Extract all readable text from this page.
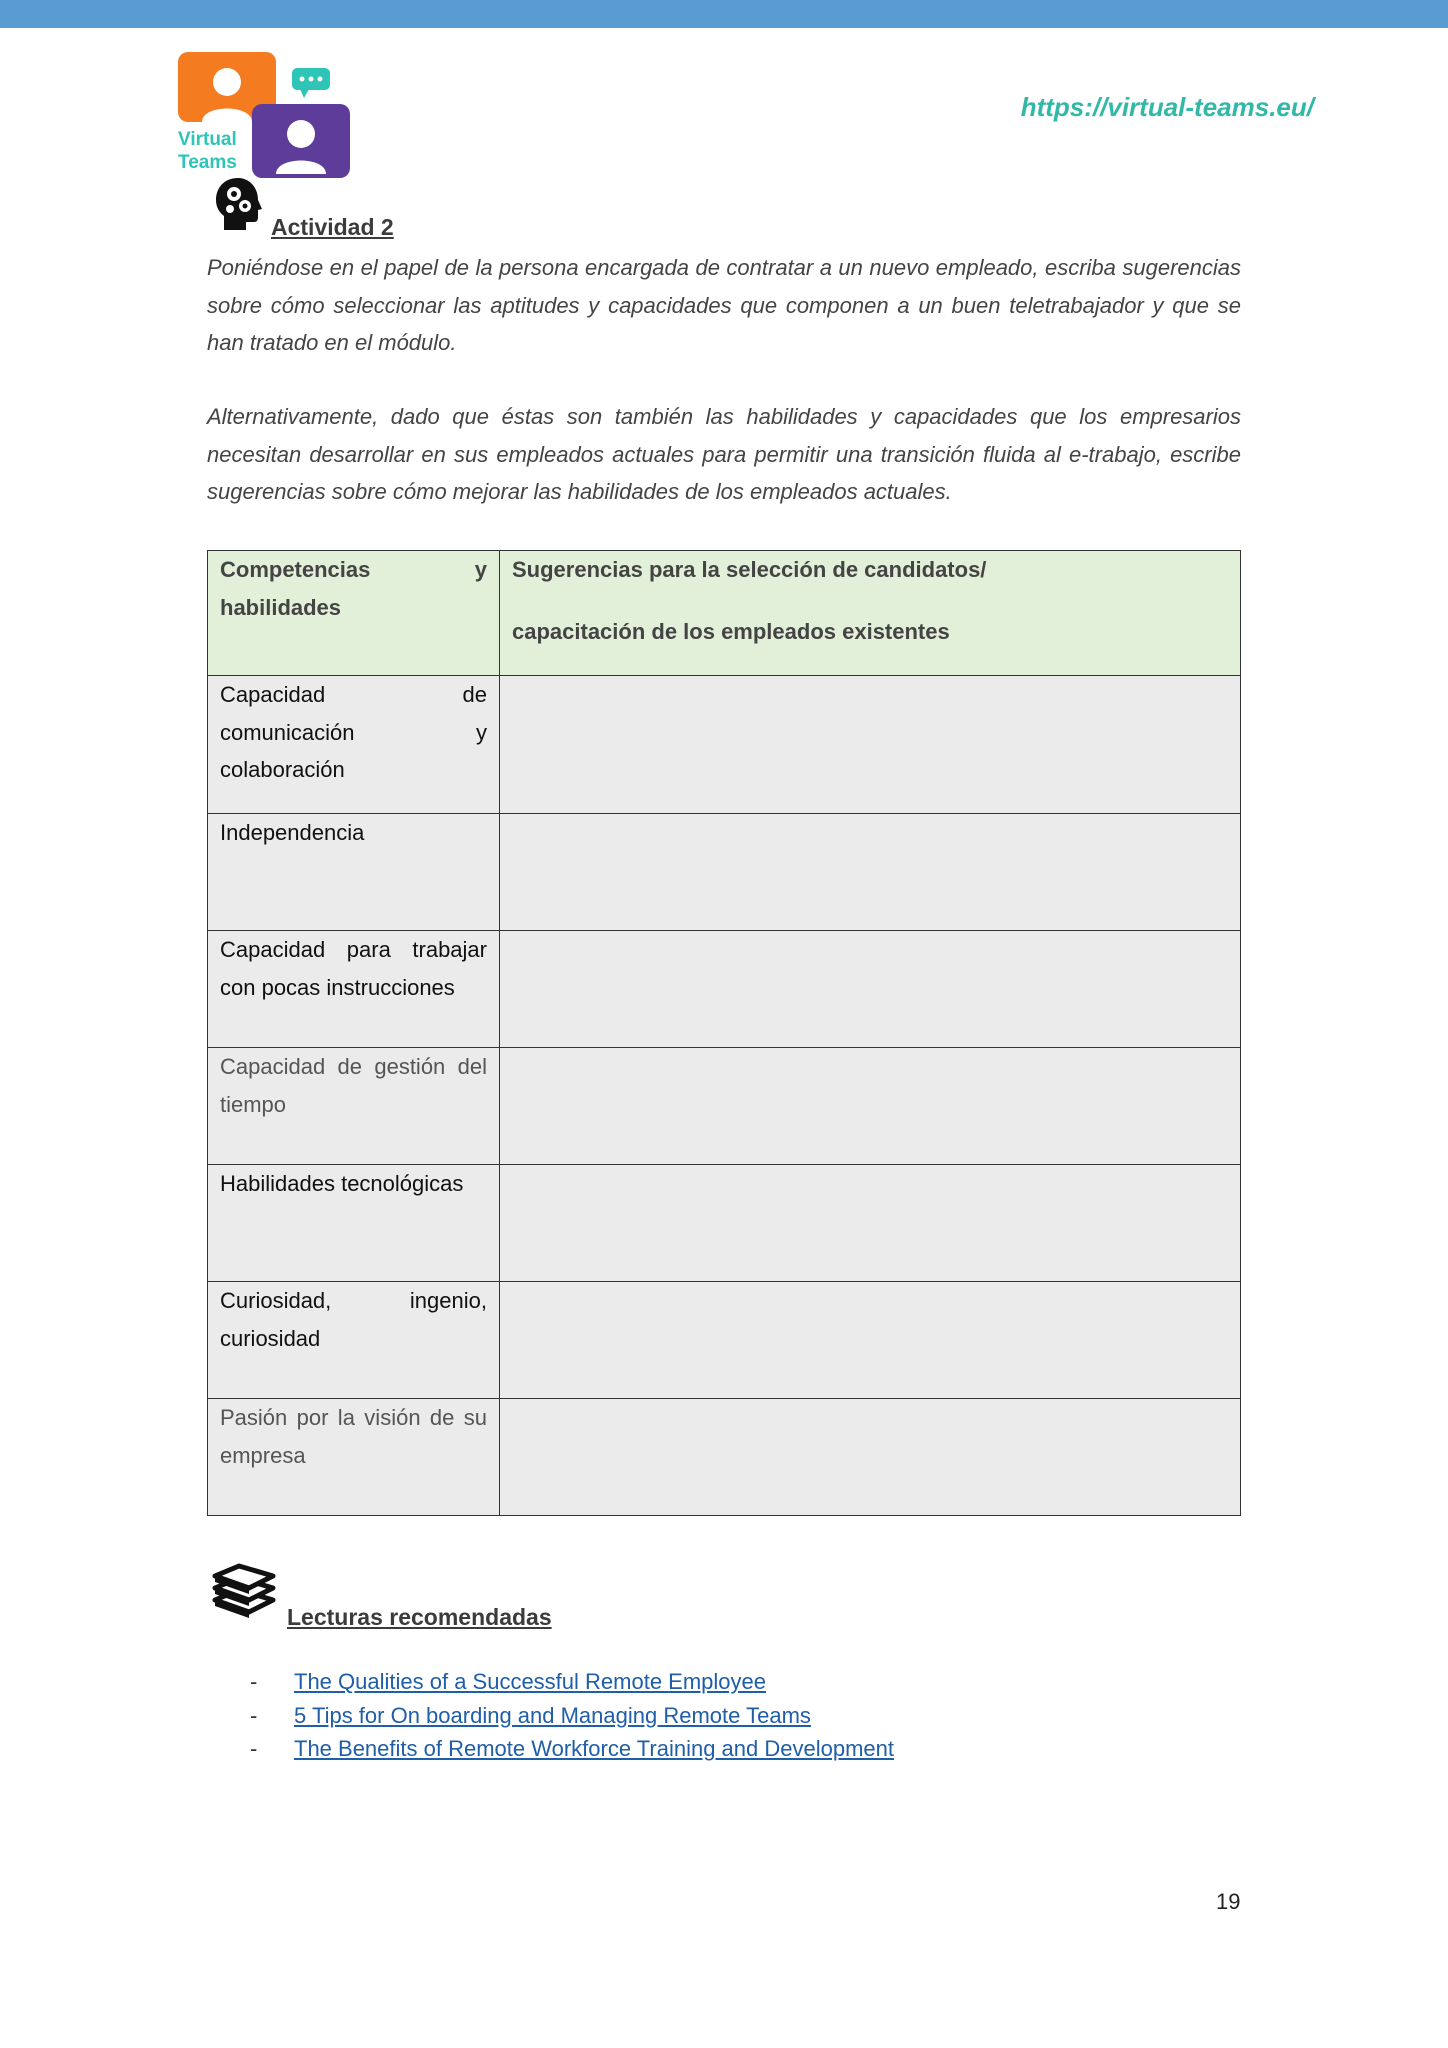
Virtual
Teams
https://virtual-teams.eu/
Actividad 2

Poniéndose en el papel de la persona encargada de contratar a un nuevo empleado, escriba sugerencias sobre cómo seleccionar las aptitudes y capacidades que componen a un buen teletrabajador y que se han tratado en el módulo.

Alternativamente, dado que éstas son también las habilidades y capacidades que los empresarios necesitan desarrollar en sus empleados actuales para permitir una transición fluida al e-trabajo, escribe sugerencias sobre cómo mejorar las habilidades de los empleados actuales.

Competencias y habilidades	Sugerencias para la selección de candidatos/
capacitación de los empleados existentes

Capacidad de comunicación y colaboración	
Independencia	
Capacidad para trabajar con pocas instrucciones	
Capacidad de gestión del tiempo	
Habilidades tecnológicas	
Curiosidad, ingenio, curiosidad	
Pasión por la visión de su empresa	
Lecturas recomendadas
- The Qualities of a Successful Remote Employee
- 5 Tips for On boarding and Managing Remote Teams
- The Benefits of Remote Workforce Training and Development
19
